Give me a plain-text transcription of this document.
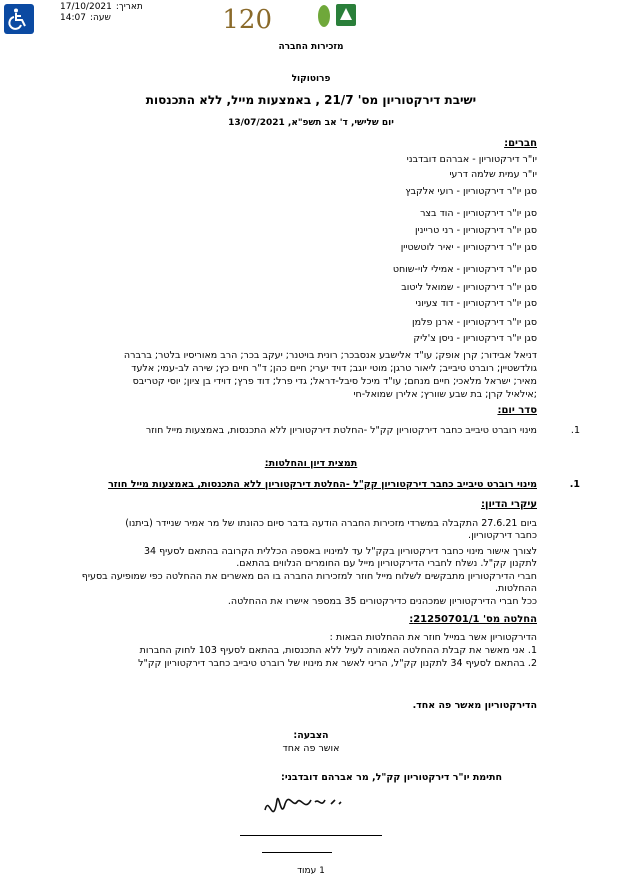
תאריך:
17/10/2021
שעה:
14:07	120
מזכירות החברה
פרוטוקול
ישיבת דירקטוריון מס' 21/7 , באמצעות מייל, ללא התכנסות
יום שלישי, ד' אב תשפ"א, 13/07/2021
חברים:
יו"ר דירקטוריון - אברהם דובדבני
יו"ר עמית שלמה דרעי
סגן יו"ר דירקטוריון - רועי אלקבץ
סגן יו"ר דירקטוריון - הוד בצר
סגן יו"ר דירקטוריון - רני טריינין
סגן יו"ר דירקטוריון - יאיר לוטשטיין
סגן יו"ר דירקטוריון - אמילי לוי-שוחט
סגן יו"ר דירקטוריון - שמואל ליטוב
סגן יו"ר דירקטוריון - דוד צעיוני
סגן יו"ר דירקטוריון - ארנן פלמן
סגן יו"ר דירקטוריון - ניסן צ'ליק
דניאל אבידור; קרן אופק; עו"ד אלישבע אנסבכר; רונית בויטנר; יעקב בכר; הרב מאוריסיו בלטר; ברברה
גולדשטיין; רוברט טיבייב; ליאור טרגן; מוטי יוגב; דויד יערי; חיים כהן; ד"ר חיים כץ; שירה לב-עמי; אלעד
מאיר; ישראל מלאכי; חיים מנחם; עו"ד מיכל סיבל-דראל; גדי פרל; דוד פרץ; דוידי בן ציון; יוסי קטריבס
;אילאיל קרן; בת שבע שוורץ; אלירן שמואל-חי
סדר יום:
1.
מינוי רוברט טיבייב כחבר דירקטוריון קק"ל -החלטת דירקטוריון ללא התכנסות, באמצעות מייל חוזר
תמצית דיון והחלטות:
1.
מינוי רוברט טיבייב כחבר דירקטוריון קק"ל -החלטת דירקטוריון ללא התכנסות, באמצעות מייל חוזר
עיקרי הדיון:
ביום 27.6.21 התקבלה במשרדי מזכירות החברה הודעה בדבר סיום כהונתו של מר אמיר שניידר (ביתנו)
כחבר דירקטוריון.
לצורך אישור מינוי כחבר דירקטוריון בקק"ל עד למינויו באספה הכללית הקרובה בהתאם לסעיף 34
לתקנון קק"ל. נשלח לחברי הדירקטוריון מייל עם החומרים הנלווים בהתאם.
חברי הדירקטוריון מתבקשים לשלוח מייל חוזר למזכירות החברה בו הם מאשרים את ההחלטה כפי שמופיעה בסעיף
ההחלטות.
ככל חברי הדירקטוריון שמכהנים כדירקטורים 35 במספר אישרו את ההחלטה.
החלטה מס' 21250701/1:
הדירקטוריון אשר במייל חוזר את ההחלטות הבאות :
1. אני מאשר את קבלת ההחלטה האמורה לעיל ללא התכנסות, בהתאם לסעיף 103 לחוק החברות
2. בהתאם לסעיף 34 לתקנון קק"ל, הריני לאשר את מינויו של רוברט טיבייב כחבר דירקטוריון קק"ל
הדירקטוריון מאשר פה אחד.
הצבעה:
אושר פה אחד
חתימת יו"ר דירקטוריון קק"ל, מר אברהם דובדבני:
1 עמוד
